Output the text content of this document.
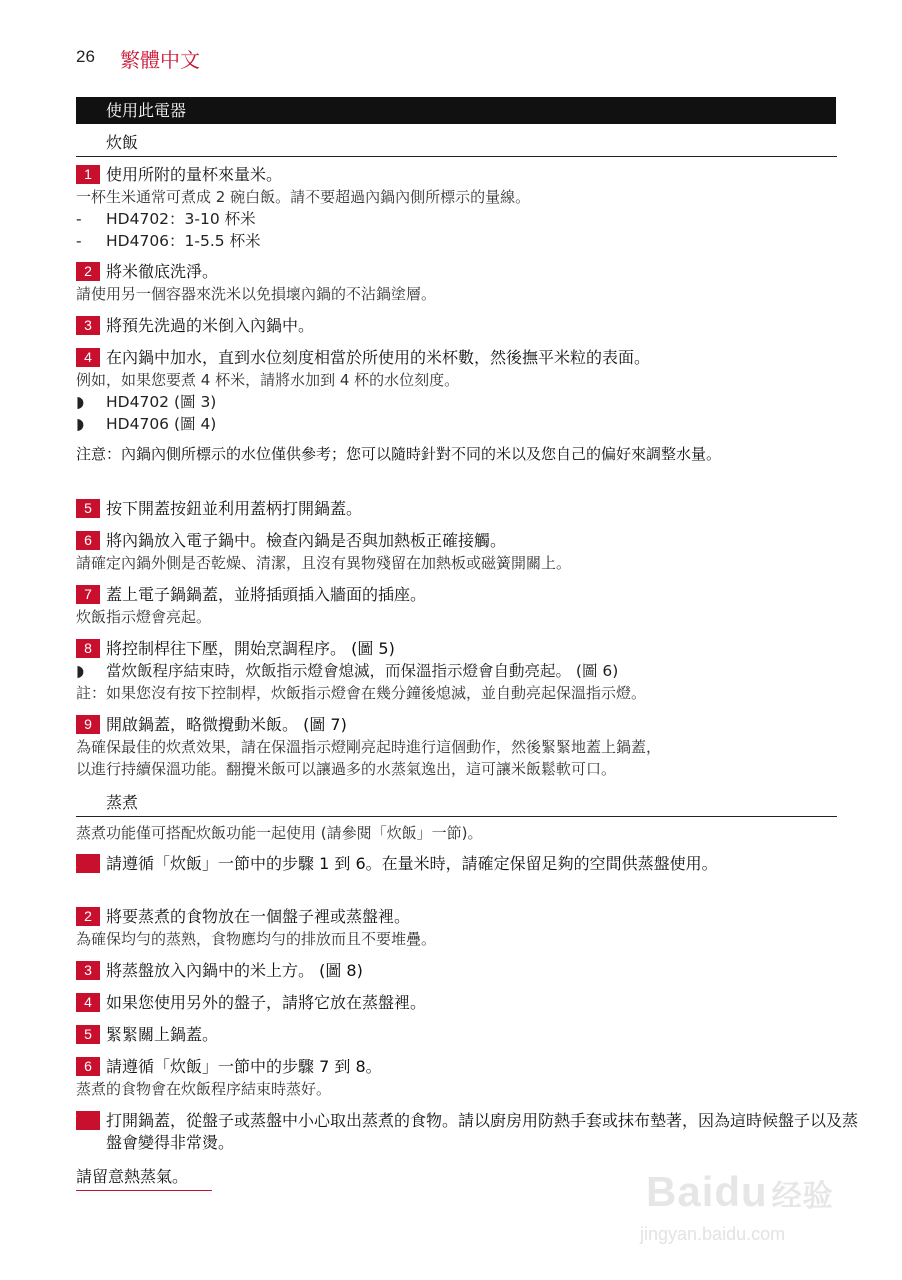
26 繁體中文
使用此電器
炊飯
1 使用所附的量杯來量米。
一杯生米通常可煮成 2 碗白飯。請不要超過內鍋內側所標示的量線。
- HD4702：3-10 杯米
- HD4706：1-5.5 杯米
2 將米徹底洗淨。
請使用另一個容器來洗米以免損壞內鍋的不沾鍋塗層。
3 將預先洗過的米倒入內鍋中。
4 在內鍋中加水，直到水位刻度相當於所使用的米杯數，然後撫平米粒的表面。
例如，如果您要煮 4 杯米，請將水加到 4 杯的水位刻度。
◗ HD4702 (圖 3)
◗ HD4706 (圖 4)
注意：內鍋內側所標示的水位僅供參考；您可以隨時針對不同的米以及您自己的偏好來調整水量。
5 按下開蓋按鈕並利用蓋柄打開鍋蓋。
6 將內鍋放入電子鍋中。檢查內鍋是否與加熱板正確接觸。
請確定內鍋外側是否乾燥、清潔，且沒有異物殘留在加熱板或磁簧開關上。
7 蓋上電子鍋鍋蓋，並將插頭插入牆面的插座。
炊飯指示燈會亮起。
8 將控制桿往下壓，開始烹調程序。 (圖 5)
◗ 當炊飯程序結束時，炊飯指示燈會熄滅，而保溫指示燈會自動亮起。 (圖 6)
註：如果您沒有按下控制桿，炊飯指示燈會在幾分鐘後熄滅，並自動亮起保溫指示燈。
9 開啟鍋蓋，略微攪動米飯。 (圖 7)
為確保最佳的炊煮效果，請在保溫指示燈剛亮起時進行這個動作，然後緊緊地蓋上鍋蓋，
以進行持續保溫功能。翻攪米飯可以讓過多的水蒸氣逸出，這可讓米飯鬆軟可口。
蒸煮
蒸煮功能僅可搭配炊飯功能一起使用 (請參閱「炊飯」一節)。
1 請遵循「炊飯」一節中的步驟 1 到 6。在量米時，請確定保留足夠的空間供蒸盤使用。
2 將要蒸煮的食物放在一個盤子裡或蒸盤裡。
為確保均勻的蒸熟，食物應均勻的排放而且不要堆疊。
3 將蒸盤放入內鍋中的米上方。 (圖 8)
4 如果您使用另外的盤子，請將它放在蒸盤裡。
5 緊緊關上鍋蓋。
6 請遵循「炊飯」一節中的步驟 7 到 8。
蒸煮的食物會在炊飯程序結束時蒸好。
7 打開鍋蓋，從盤子或蒸盤中小心取出蒸煮的食物。請以廚房用防熱手套或抹布墊著，因為這時候盤子以及蒸盤會變得非常燙。
請留意熱蒸氣。	Baidu 经验
jingyan.baidu.com
